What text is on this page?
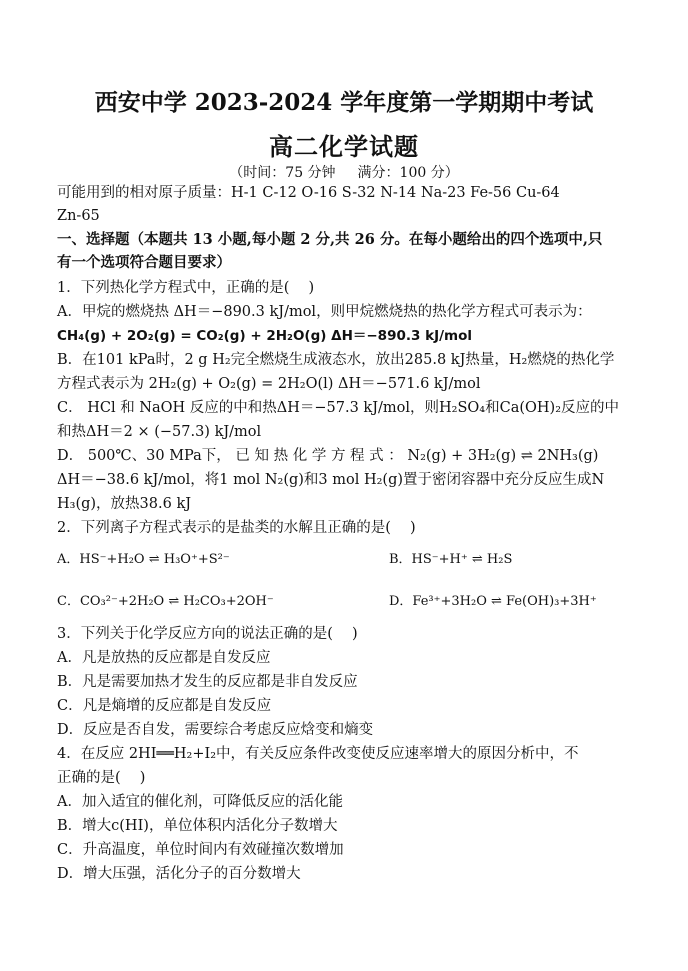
西安中学 2023-2024 学年度第一学期期中考试
高二化学试题
（时间：75 分钟 满分：100 分）
可能用到的相对原子质量：H-1 C-12 O-16 S-32 N-14 Na-23 Fe-56 Cu-64
Zn-65
一、选择题（本题共 13 小题,每小题 2 分,共 26 分。在每小题给出的四个选项中,只
有一个选项符合题目要求）
1．下列热化学方程式中，正确的是(　 )
A．甲烷的燃烧热 ΔH＝−890.3 kJ/mol，则甲烷燃烧热的热化学方程式可表示为：
CH₄(g) + 2O₂(g) = CO₂(g) + 2H₂O(g) ΔH＝−890.3 kJ/mol
B．在101 kPa时，2 g H₂完全燃烧生成液态水，放出285.8 kJ热量，H₂燃烧的热化学
方程式表示为 2H₂(g) + O₂(g) = 2H₂O(l) ΔH＝−571.6 kJ/mol
C． HCl 和 NaOH 反应的中和热ΔH＝−57.3 kJ/mol，则H₂SO₄和Ca(OH)₂反应的中
和热ΔH＝2 × (−57.3) kJ/mol
D． 500℃、30 MPa下， 已 知 热 化 学 方 程 式 ： N₂(g) + 3H₂(g) ⇌ 2NH₃(g)
ΔH＝−38.6 kJ/mol，将1 mol N₂(g)和3 mol H₂(g)置于密闭容器中充分反应生成N
H₃(g)，放热38.6 kJ
2．下列离子方程式表示的是盐类的水解且正确的是(　 )
A．HS⁻+H₂O ⇌ H₃O⁺+S²⁻	B．HS⁻+H⁺ ⇌ H₂S
C．CO₃²⁻+2H₂O ⇌ H₂CO₃+2OH⁻	D．Fe³⁺+3H₂O ⇌ Fe(OH)₃+3H⁺
3．下列关于化学反应方向的说法正确的是(　 )
A．凡是放热的反应都是自发反应
B．凡是需要加热才发生的反应都是非自发反应
C．凡是熵增的反应都是自发反应
D．反应是否自发，需要综合考虑反应焓变和熵变
4．在反应 2HI══H₂+I₂中，有关反应条件改变使反应速率增大的原因分析中，不
正确的是(　 )
A．加入适宜的催化剂，可降低反应的活化能
B．增大c(HI)，单位体积内活化分子数增大
C．升高温度，单位时间内有效碰撞次数增加
D．增大压强，活化分子的百分数增大
